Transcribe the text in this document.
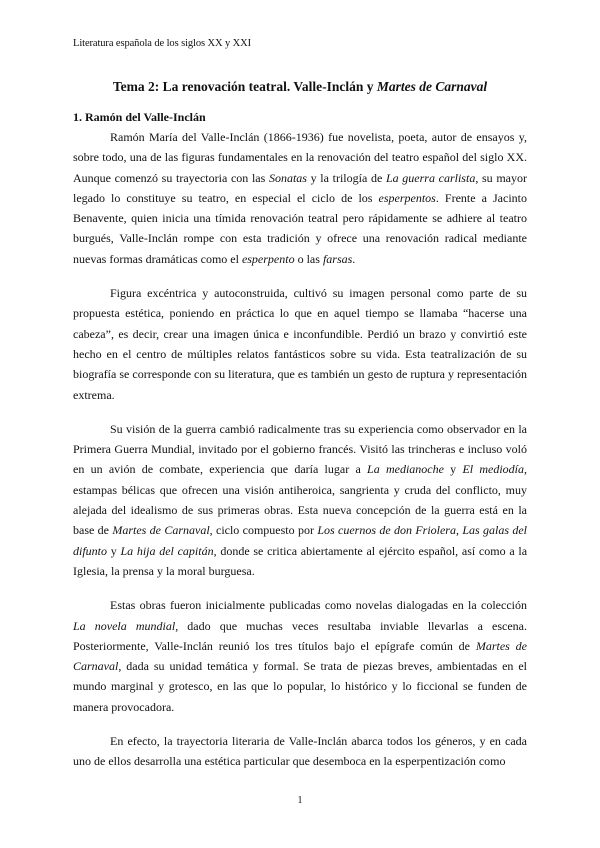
Literatura española de los siglos XX y XXI
Tema 2: La renovación teatral. Valle-Inclán y Martes de Carnaval
1. Ramón del Valle-Inclán

Ramón María del Valle-Inclán (1866-1936) fue novelista, poeta, autor de ensayos y, sobre todo, una de las figuras fundamentales en la renovación del teatro español del siglo XX. Aunque comenzó su trayectoria con las Sonatas y la trilogía de La guerra carlista, su mayor legado lo constituye su teatro, en especial el ciclo de los esperpentos. Frente a Jacinto Benavente, quien inicia una tímida renovación teatral pero rápidamente se adhiere al teatro burgués, Valle-Inclán rompe con esta tradición y ofrece una renovación radical mediante nuevas formas dramáticas como el esperpento o las farsas.

Figura excéntrica y autoconstruida, cultivó su imagen personal como parte de su propuesta estética, poniendo en práctica lo que en aquel tiempo se llamaba “hacerse una cabeza”, es decir, crear una imagen única e inconfundible. Perdió un brazo y convirtió este hecho en el centro de múltiples relatos fantásticos sobre su vida. Esta teatralización de su biografía se corresponde con su literatura, que es también un gesto de ruptura y representación extrema.

Su visión de la guerra cambió radicalmente tras su experiencia como observador en la Primera Guerra Mundial, invitado por el gobierno francés. Visitó las trincheras e incluso voló en un avión de combate, experiencia que daría lugar a La medianoche y El mediodía, estampas bélicas que ofrecen una visión antiheroica, sangrienta y cruda del conflicto, muy alejada del idealismo de sus primeras obras. Esta nueva concepción de la guerra está en la base de Martes de Carnaval, ciclo compuesto por Los cuernos de don Friolera, Las galas del difunto y La hija del capitán, donde se critica abiertamente al ejército español, así como a la Iglesia, la prensa y la moral burguesa.

Estas obras fueron inicialmente publicadas como novelas dialogadas en la colección La novela mundial, dado que muchas veces resultaba inviable llevarlas a escena. Posteriormente, Valle-Inclán reunió los tres títulos bajo el epígrafe común de Martes de Carnaval, dada su unidad temática y formal. Se trata de piezas breves, ambientadas en el mundo marginal y grotesco, en las que lo popular, lo histórico y lo ficcional se funden de manera provocadora.

En efecto, la trayectoria literaria de Valle-Inclán abarca todos los géneros, y en cada uno de ellos desarrolla una estética particular que desemboca en la esperpentización como

1
